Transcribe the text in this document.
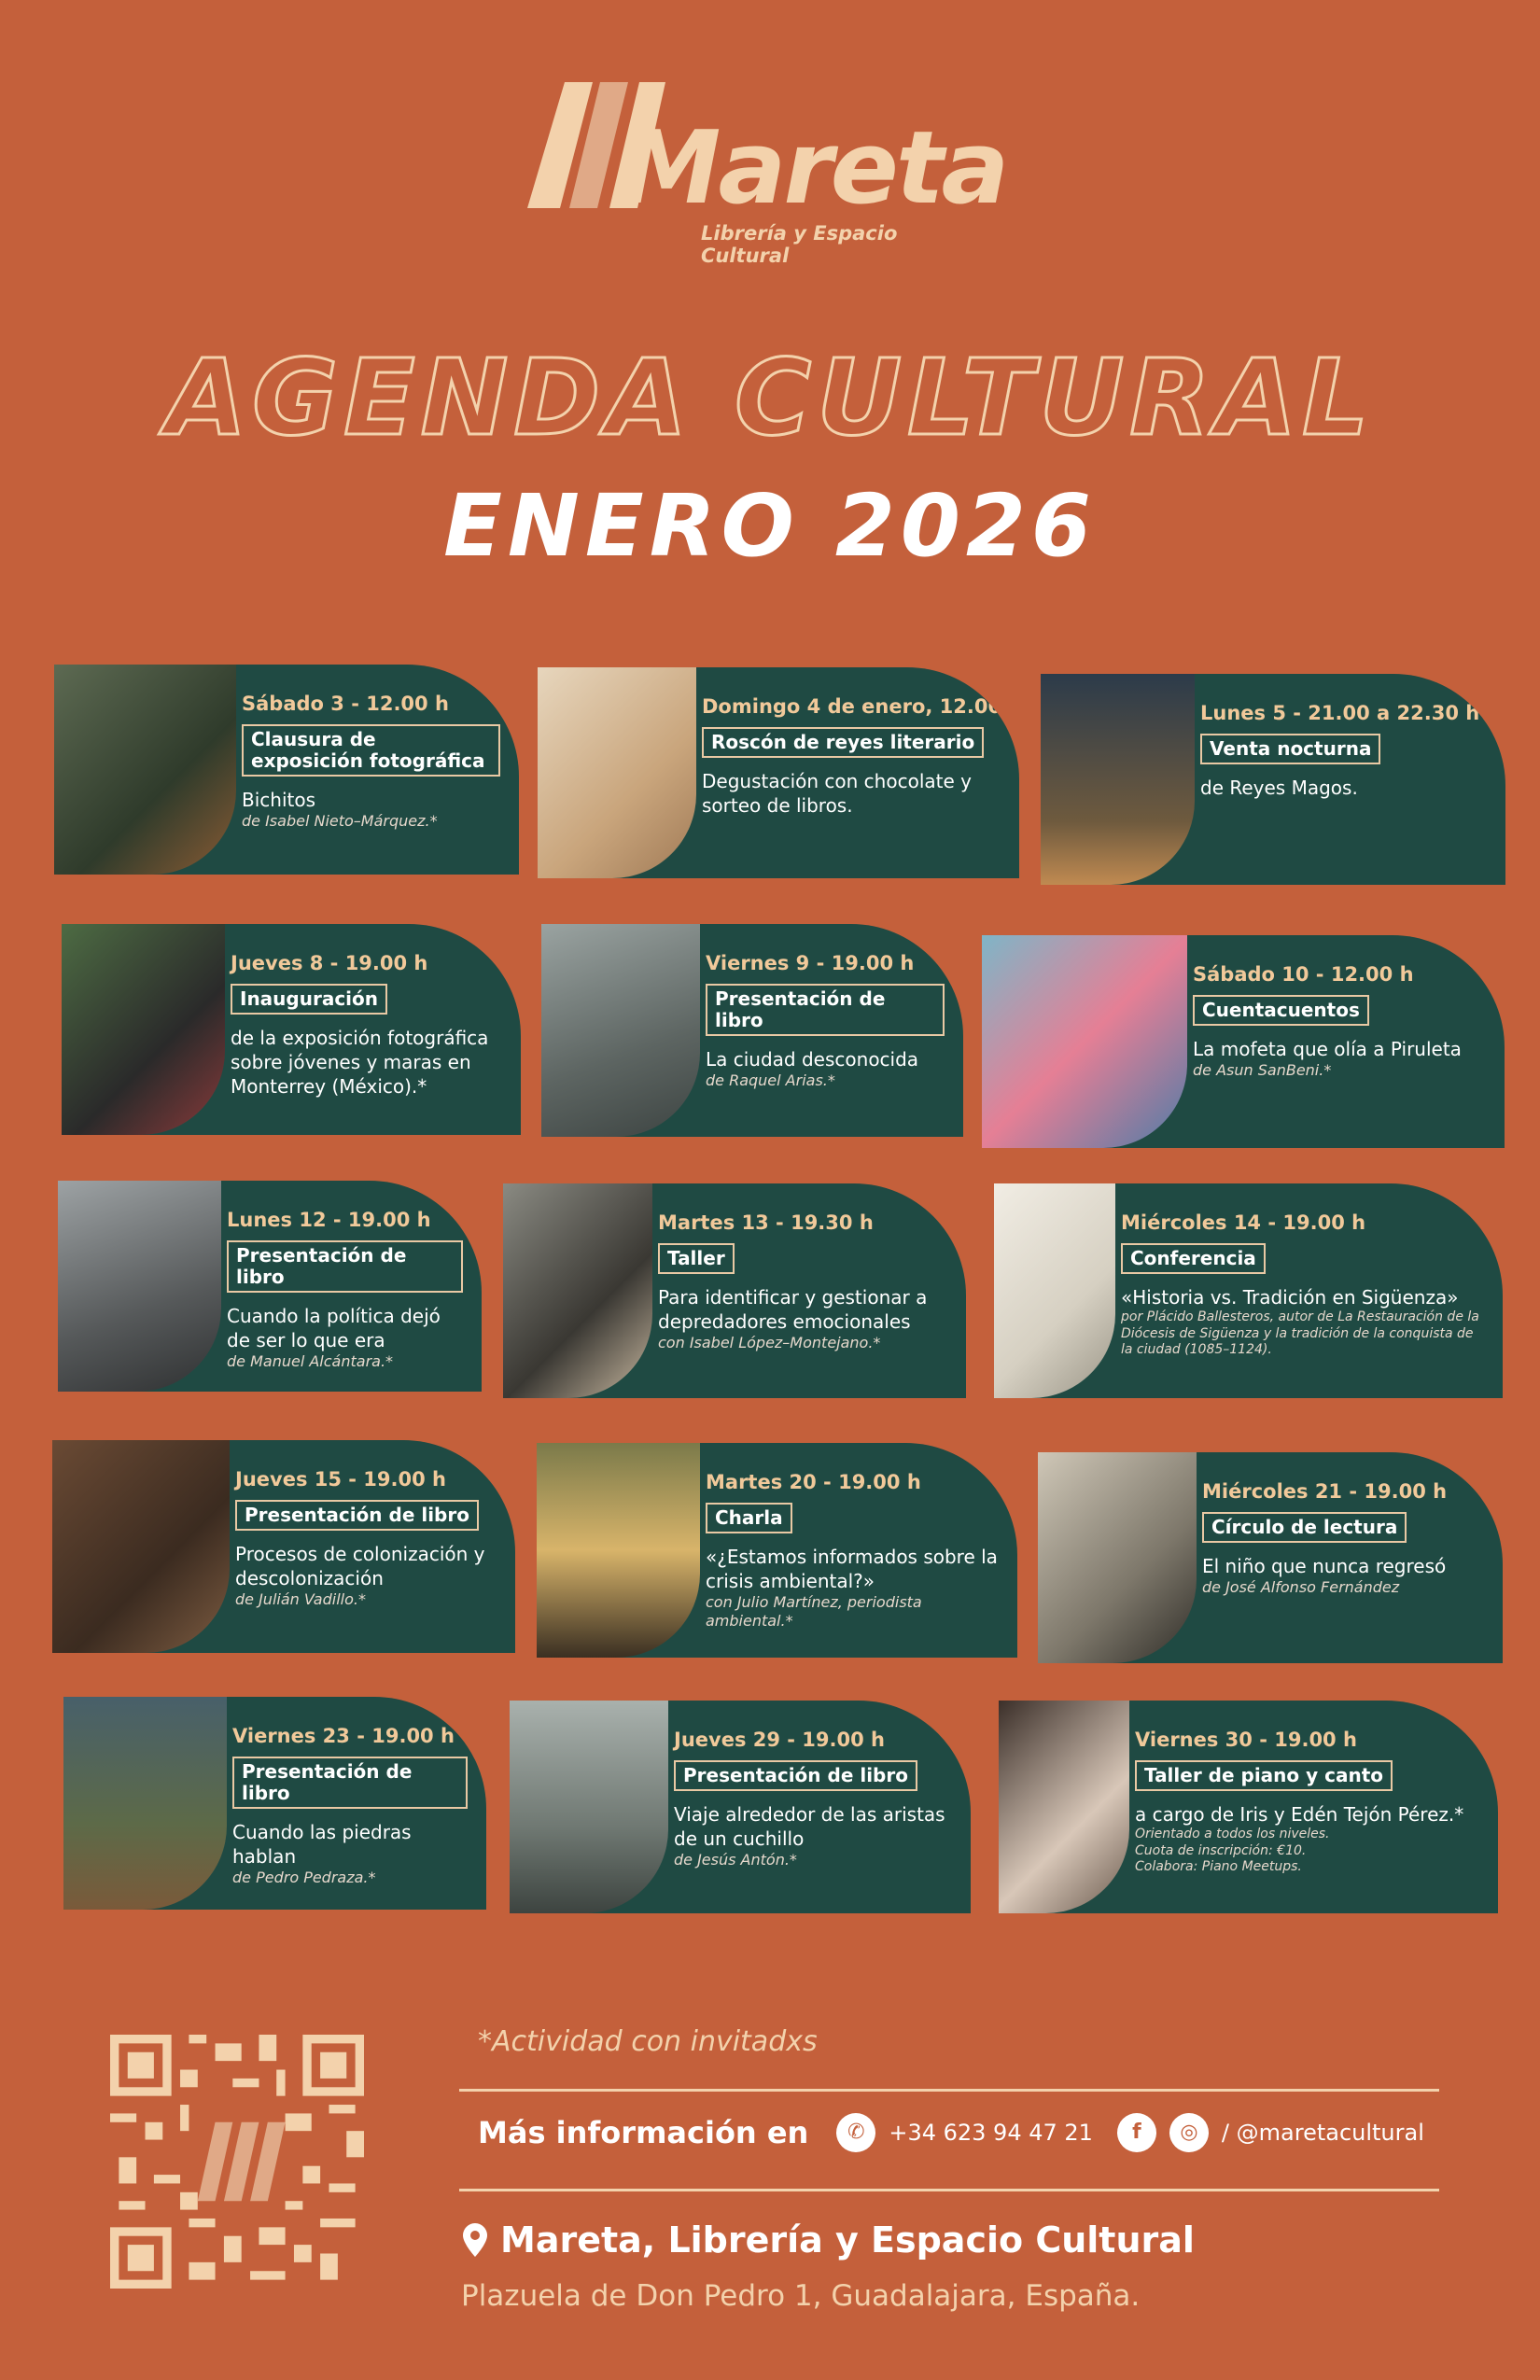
Mareta
Librería y Espacio Cultural
AGENDA CULTURAL
ENERO 2026
Sábado 3 - 12.00 h
Clausura de exposición fotográfica
Bichitos
de Isabel Nieto–Márquez.*
Domingo 4 de enero, 12.00
Roscón de reyes literario
Degustación con chocolate y sorteo de libros.
Lunes 5 - 21.00 a 22.30 h
Venta nocturna
de Reyes Magos.
Jueves 8 - 19.00 h
Inauguración
de la exposición fotográfica sobre jóvenes y maras en Monterrey (México).*
Viernes 9 - 19.00 h
Presentación de libro
La ciudad desconocida
de Raquel Arias.*
Sábado 10 - 12.00 h
Cuentacuentos
La mofeta que olía a Piruleta
de Asun SanBeni.*
Lunes 12 - 19.00 h
Presentación de libro
Cuando la política dejó de ser lo que era
de Manuel Alcántara.*
Martes 13 - 19.30 h
Taller
Para identificar y gestionar a depredadores emocionales
con Isabel López–Montejano.*
Miércoles 14 - 19.00 h
Conferencia
«Historia vs. Tradición en Sigüenza»
por Plácido Ballesteros, autor de La Restauración de la Diócesis de Sigüenza y la tradición de la conquista de la ciudad (1085–1124).
Jueves 15 - 19.00 h
Presentación de libro
Procesos de colonización y descolonización
de Julián Vadillo.*
Martes 20 - 19.00 h
Charla
«¿Estamos informados sobre la crisis ambiental?»
con Julio Martínez, periodista ambiental.*
Miércoles 21 - 19.00 h
Círculo de lectura
El niño que nunca regresó
de José Alfonso Fernández
Viernes 23 - 19.00 h
Presentación de libro
Cuando las piedras hablan
de Pedro Pedraza.*
Jueves 29 - 19.00 h
Presentación de libro
Viaje alrededor de las aristas de un cuchillo
de Jesús Antón.*
Viernes 30 - 19.00 h
Taller de piano y canto
a cargo de Iris y Edén Tejón Pérez.*
Orientado a todos los niveles.
Cuota de inscripción: €10.
Colabora: Piano Meetups.
*Actividad con invitadxs
Más información en	✆	+34 623 94 47 21	f	◎	/ @maretacultural
Mareta, Librería y Espacio Cultural
Plazuela de Don Pedro 1, Guadalajara, España.
